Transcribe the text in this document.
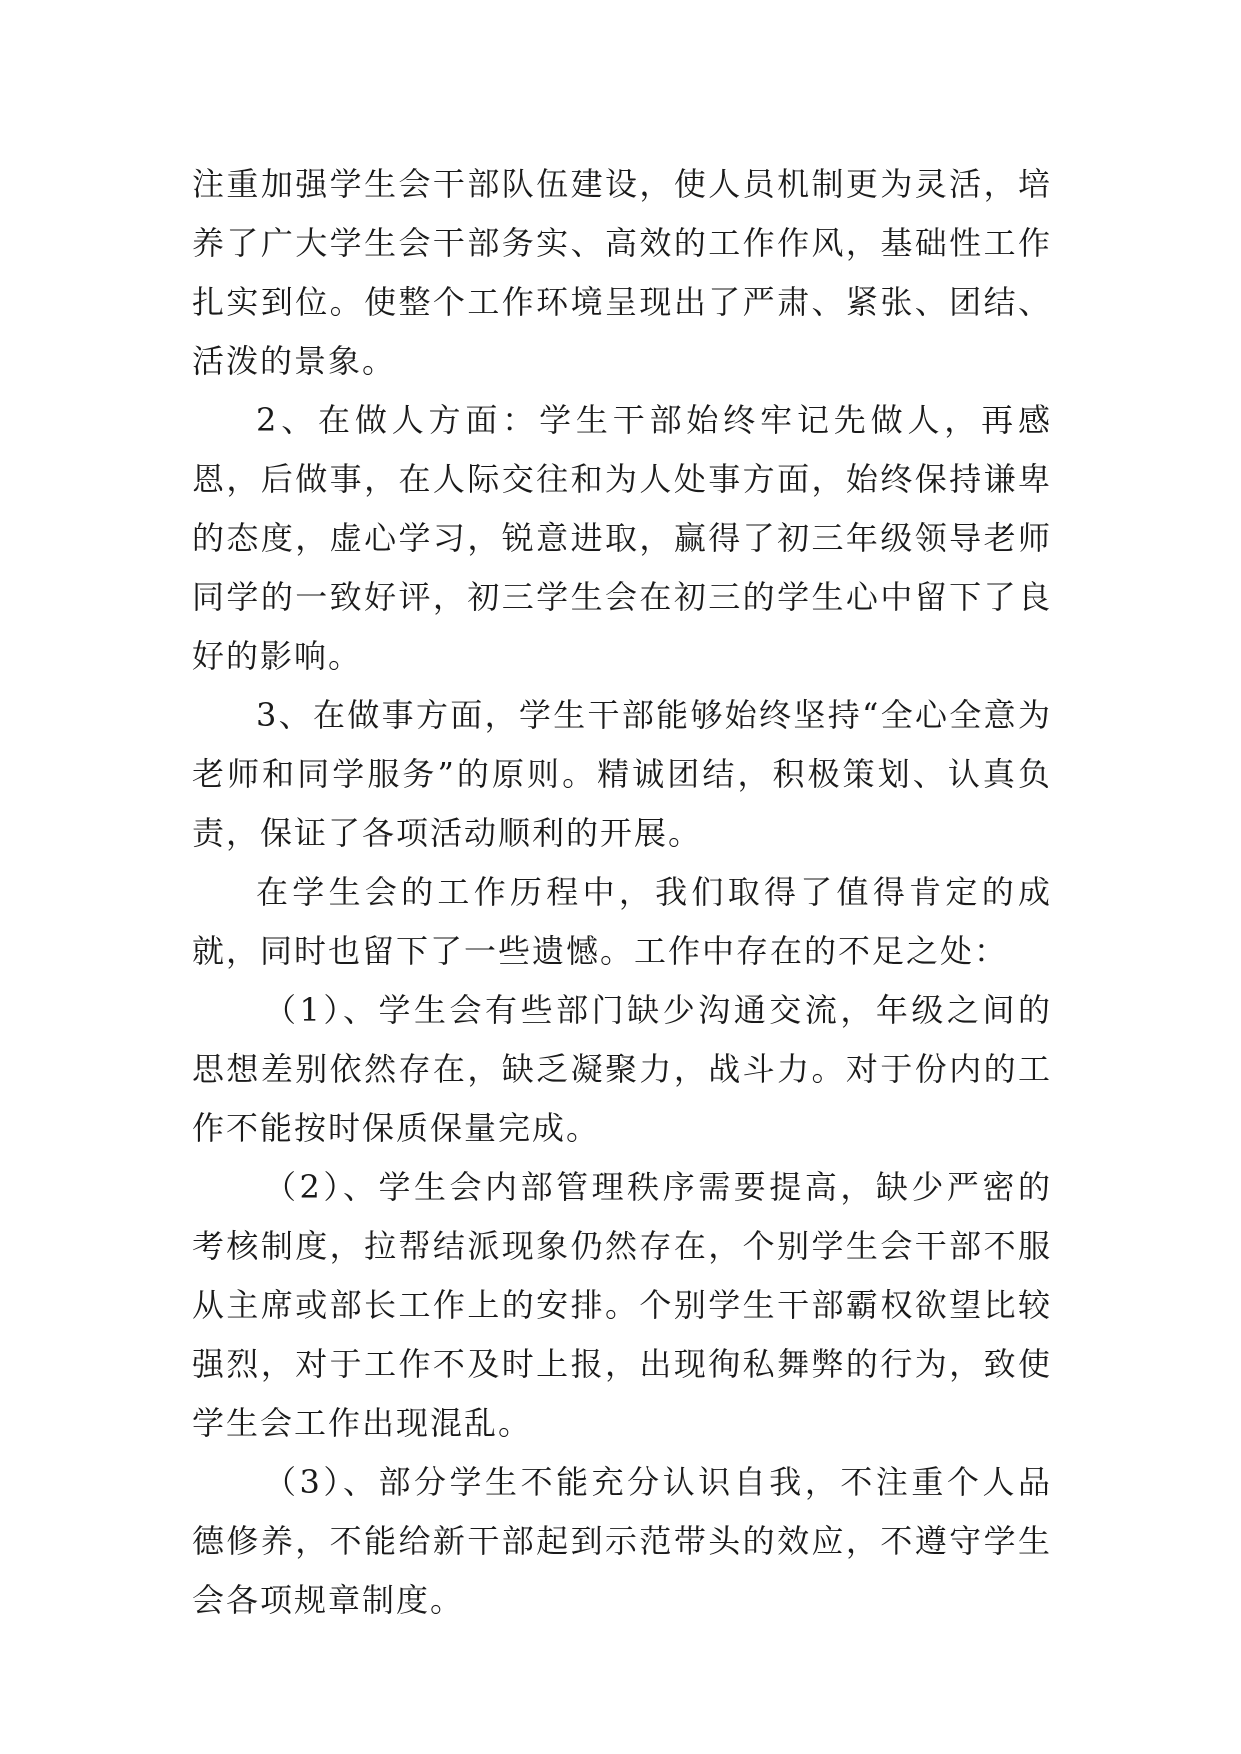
注重加强学生会干部队伍建设，使人员机制更为灵活，培养了广大学生会干部务实、高效的工作作风，基础性工作扎实到位。使整个工作环境呈现出了严肃、紧张、团结、活泼的景象。

2、在做人方面：学生干部始终牢记先做人，再感恩，后做事，在人际交往和为人处事方面，始终保持谦卑的态度，虚心学习，锐意进取，赢得了初三年级领导老师同学的一致好评，初三学生会在初三的学生心中留下了良好的影响。

3、在做事方面，学生干部能够始终坚持“全心全意为老师和同学服务”的原则。精诚团结，积极策划、认真负责，保证了各项活动顺利的开展。

在学生会的工作历程中，我们取得了值得肯定的成就，同时也留下了一些遗憾。工作中存在的不足之处：

（1）、学生会有些部门缺少沟通交流，年级之间的思想差别依然存在，缺乏凝聚力，战斗力。对于份内的工作不能按时保质保量完成。

（2）、学生会内部管理秩序需要提高，缺少严密的考核制度，拉帮结派现象仍然存在，个别学生会干部不服从主席或部长工作上的安排。个别学生干部霸权欲望比较强烈，对于工作不及时上报，出现徇私舞弊的行为，致使学生会工作出现混乱。

（3）、部分学生不能充分认识自我，不注重个人品德修养，不能给新干部起到示范带头的效应，不遵守学生会各项规章制度。
